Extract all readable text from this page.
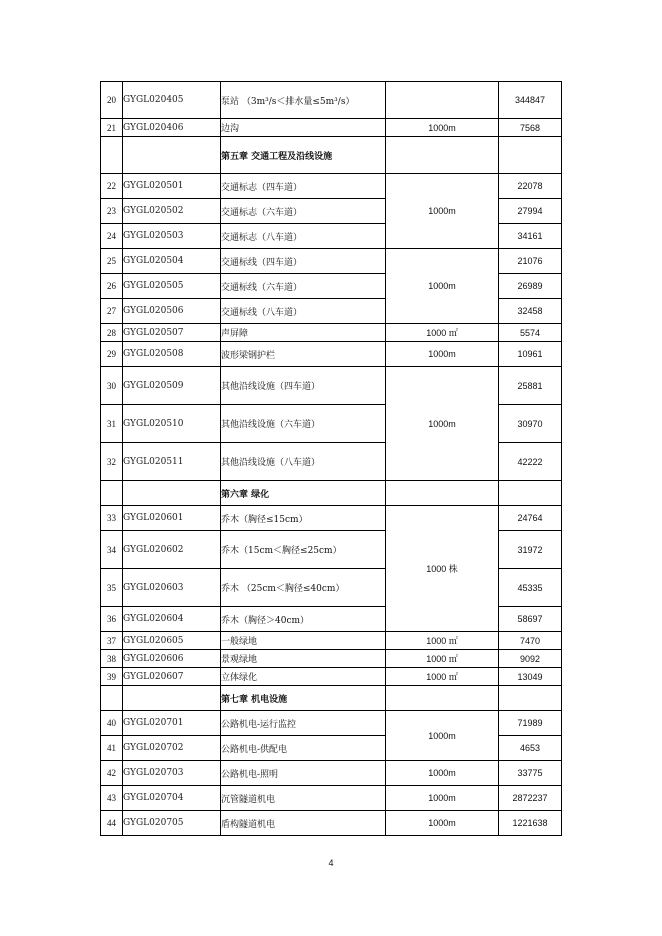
20	GYGL020405	泵站 （3m³/s＜排水量≤5m³/s）		344847
21	GYGL020406	边沟	1000m	7568
		第五章 交通工程及沿线设施		
22	GYGL020501	交通标志（四车道）	1000m	22078
23	GYGL020502	交通标志（六车道）		27994
24	GYGL020503	交通标志（八车道）		34161
25	GYGL020504	交通标线（四车道）	1000m	21076
26	GYGL020505	交通标线（六车道）		26989
27	GYGL020506	交通标线（八车道）		32458
28	GYGL020507	声屏障	1000 ㎡	5574
29	GYGL020508	波形梁钢护栏	1000m	10961
30	GYGL020509	其他沿线设施（四车道）	1000m	25881
31	GYGL020510	其他沿线设施（六车道）		30970
32	GYGL020511	其他沿线设施（八车道）		42222
		第六章 绿化		
33	GYGL020601	乔木（胸径≤15cm）	1000 株	24764
34	GYGL020602	乔木（15cm＜胸径≤25cm）		31972
35	GYGL020603	乔木 （25cm＜胸径≤40cm）		45335
36	GYGL020604	乔木（胸径＞40cm）		58697
37	GYGL020605	一般绿地	1000 ㎡	7470
38	GYGL020606	景观绿地	1000 ㎡	9092
39	GYGL020607	立体绿化	1000 ㎡	13049
		第七章 机电设施		
40	GYGL020701	公路机电-运行监控	1000m	71989
41	GYGL020702	公路机电-供配电		4653
42	GYGL020703	公路机电-照明	1000m	33775
43	GYGL020704	沉管隧道机电	1000m	2872237
44	GYGL020705	盾构隧道机电	1000m	1221638
4
